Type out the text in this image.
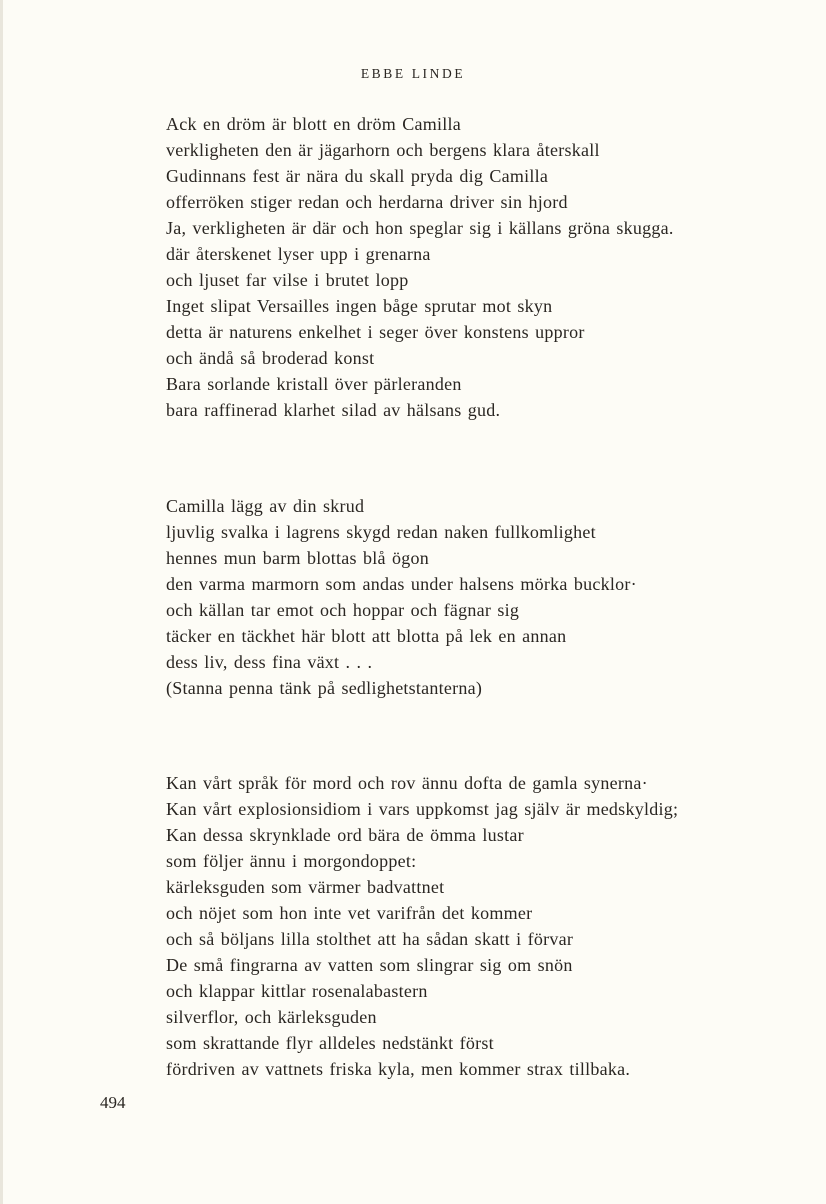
EBBE LINDE
Ack en dröm är blott en dröm Camilla
verkligheten den är jägarhorn och bergens klara återskall
Gudinnans fest är nära du skall pryda dig Camilla
offerröken stiger redan och herdarna driver sin hjord
Ja, verkligheten är där och hon speglar sig i källans gröna skugga.
där återskenet lyser upp i grenarna
och ljuset far vilse i brutet lopp
Inget slipat Versailles ingen båge sprutar mot skyn
detta är naturens enkelhet i seger över konstens uppror
och ändå så broderad konst
Bara sorlande kristall över pärleranden
bara raffinerad klarhet silad av hälsans gud.
Camilla lägg av din skrud
ljuvlig svalka i lagrens skygd redan naken fullkomlighet
hennes mun barm blottas blå ögon
den varma marmorn som andas under halsens mörka bucklor·
och källan tar emot och hoppar och fägnar sig
täcker en täckhet här blott att blotta på lek en annan
dess liv, dess fina växt . . .
(Stanna penna tänk på sedlighetstanterna)
Kan vårt språk för mord och rov ännu dofta de gamla synerna·
Kan vårt explosionsidiom i vars uppkomst jag själv är medskyldig;
Kan dessa skrynklade ord bära de ömma lustar
som följer ännu i morgondoppet:
kärleksguden som värmer badvattnet
och nöjet som hon inte vet varifrån det kommer
och så böljans lilla stolthet att ha sådan skatt i förvar
De små fingrarna av vatten som slingrar sig om snön
och klappar kittlar rosenalabastern
silverflor, och kärleksguden
som skrattande flyr alldeles nedstänkt först
fördriven av vattnets friska kyla, men kommer strax tillbaka.
494
